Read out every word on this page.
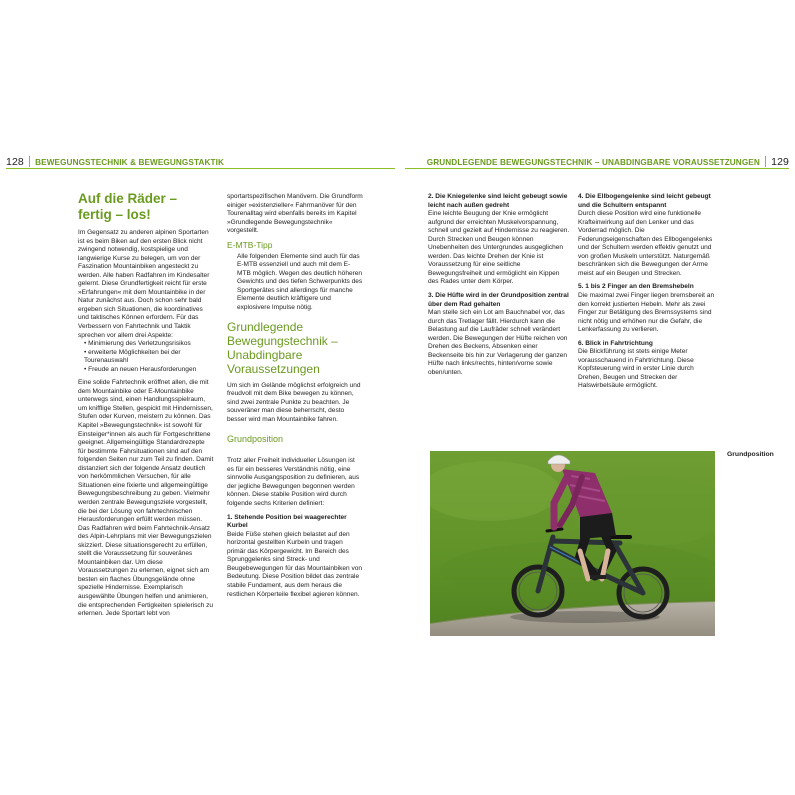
128 BEWEGUNGSTECHNIK & BEWEGUNGSTAKTIK	GRUNDLEGENDE BEWEGUNGSTECHNIK – UNABDINGBARE VORAUSSETZUNGEN 129
Auf die Räder – fertig – los!

Im Gegensatz zu anderen alpinen Sportarten ist es beim Biken auf den ersten Blick nicht zwingend notwendig, kostspielige und langwierige Kurse zu belegen, um von der Faszination Mountainbiken angesteckt zu werden. Alle haben Radfahren im Kindesalter gelernt. Diese Grundfertigkeit reicht für erste »Erfahrungen« mit dem Mountainbike in der Natur zunächst aus. Doch schon sehr bald ergeben sich Situationen, die koordinatives und taktisches Können erfordern. Für das Verbessern von Fahrtechnik und Taktik sprechen vor allem drei Aspekte:

• Minimierung des Verletzungsrisikos
• erweiterte Möglichkeiten bei der Tourenauswahl
• Freude an neuen Herausforderungen

Eine solide Fahrtechnik eröffnet allen, die mit dem Mountainbike oder E-Mountainbike unterwegs sind, einen Handlungsspielraum, um knifflige Stellen, gespickt mit Hindernissen, Stufen oder Kurven, meistern zu können. Das Kapitel »Bewegungstechnik« ist sowohl für Einsteiger*innen als auch für Fortgeschrittene geeignet. Allgemeingültige Standardrezepte für bestimmte Fahrsituationen sind auf den folgenden Seiten nur zum Teil zu finden. Damit distanziert sich der folgende Ansatz deutlich von herkömmlichen Versuchen, für alle Situationen eine fixierte und allgemeingültige Bewegungsbeschreibung zu geben. Vielmehr werden zentrale Bewegungsziele vorgestellt, die bei der Lösung von fahrtechnischen Herausforderungen erfüllt werden müssen. Das Radfahren wird beim Fahrtechnik-Ansatz des Alpin-Lehrplans mit vier Bewegungszielen skizziert. Diese situationsgerecht zu erfüllen, stellt die Voraussetzung für souveränes Mountainbiken dar. Um diese Voraussetzungen zu erlernen, eignet sich am besten ein flaches Übungsgelände ohne spezielle Hindernisse. Exemplarisch ausgewählte Übungen helfen und animieren, die entsprechenden Fertigkeiten spielerisch zu erlernen. Jede Sportart lebt von

sportartspezifischen Manövern. Die Grundform einiger »existenzieller« Fahrmanöver für den Tourenalltag wird ebenfalls bereits im Kapitel »Grundlegende Bewegungstechnik« vorgestellt.

E-MTB-Tipp

Alle folgenden Elemente sind auch für das E-MTB essenziell und auch mit dem E-MTB möglich. Wegen des deutlich höheren Gewichts und des tiefen Schwerpunkts des Sportgerätes sind allerdings für manche Elemente deutlich kräftigere und explosivere Impulse nötig.

Grundlegende Bewegungstechnik – Unabdingbare Voraussetzungen

Um sich im Gelände möglichst erfolgreich und freudvoll mit dem Bike bewegen zu können, sind zwei zentrale Punkte zu beachten. Je souveräner man diese beherrscht, desto besser wird man Mountainbike fahren.

Grundposition

Trotz aller Freiheit individueller Lösungen ist es für ein besseres Verständnis nötig, eine sinnvolle Ausgangsposition zu definieren, aus der jegliche Bewegungen begonnen werden können. Diese stabile Position wird durch folgende sechs Kriterien definiert:

1. Stehende Position bei waagerechter Kurbel

Beide Füße stehen gleich belastet auf den horizontal gestellten Kurbeln und tragen primär das Körpergewicht. Im Bereich des Sprunggelenks sind Streck- und Beugebewegungen für das Mountainbiken von Bedeutung. Diese Position bildet das zentrale stabile Fundament, aus dem heraus die restlichen Körperteile flexibel agieren können.

2. Die Kniegelenke sind leicht gebeugt sowie leicht nach außen gedreht

Eine leichte Beugung der Knie ermöglicht aufgrund der erreichten Muskelvorspannung, schnell und gezielt auf Hindernisse zu reagieren. Durch Strecken und Beugen können Unebenheiten des Untergrundes ausgeglichen werden. Das leichte Drehen der Knie ist Voraussetzung für eine seitliche Bewegungsfreiheit und ermöglicht ein Kippen des Rades unter dem Körper.

3. Die Hüfte wird in der Grundposition zentral über dem Rad gehalten

Man stelle sich ein Lot am Bauchnabel vor, das durch das Tretlager fällt. Hierdurch kann die Belastung auf die Laufräder schnell verändert werden. Die Bewegungen der Hüfte reichen von Drehen des Beckens, Absenken einer Beckenseite bis hin zur Verlagerung der ganzen Hüfte nach links/rechts, hinten/vorne sowie oben/unten.

4. Die Ellbogengelenke sind leicht gebeugt und die Schultern entspannt

Durch diese Position wird eine funktionelle Krafteinwirkung auf den Lenker und das Vorderrad möglich. Die Federungseigenschaften des Ellbogengelenks und der Schultern werden effektiv genutzt und von großen Muskeln unterstützt. Naturgemäß beschränken sich die Bewegungen der Arme meist auf ein Beugen und Strecken.

5. 1 bis 2 Finger an den Bremshebeln

Die maximal zwei Finger liegen bremsbereit an den korrekt justierten Hebeln. Mehr als zwei Finger zur Betätigung des Bremssystems sind nicht nötig und erhöhen nur die Gefahr, die Lenkerfassung zu verlieren.

6. Blick in Fahrtrichtung

Die Blickführung ist stets einige Meter vorausschauend in Fahrtrichtung. Diese Kopfsteuerung wird in erster Linie durch Drehen, Beugen und Strecken der Halswirbelsäule ermöglicht.

Grundposition
